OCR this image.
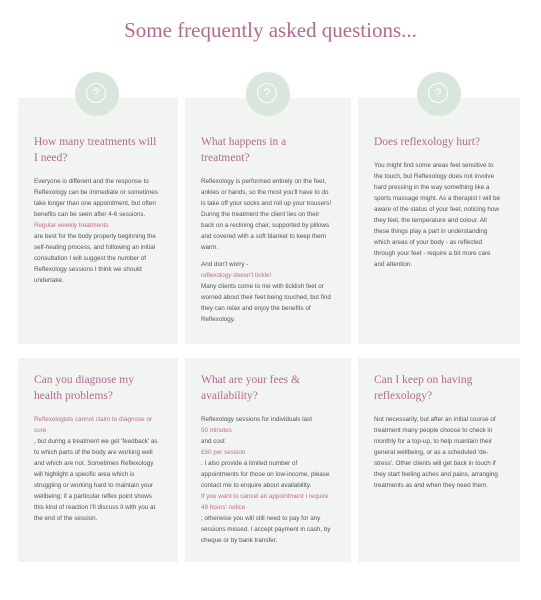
Some frequently asked questions...
How many treatments will I need?

Everyone is different and the response to Reflexology can be immediate or sometimes take longer than one appointment, but often benefits can be seen after 4-6 sessions.

Regular weekly treatments

are best for the body properly beginning the self-healing process, and following an initial consultation I will suggest the number of Reflexology sessions I think we should undertake.

What happens in a treatment?

Reflexology is performed entirely on the feet, ankles or hands, so the most you'll have to do is take off your socks and roll up your trousers! During the treatment the client lies on their back on a reclining chair, supported by pillows and covered with a soft blanket to keep them warm.

And don't worry -

reflexology doesn't tickle!

Many clients come to me with ticklish feet or worried about their feet being touched, but find they can relax and enjoy the benefits of Reflexology.

Does reflexology hurt?

You might find some areas feel sensitive to the touch, but Reflexology does not involve hard pressing in the way something like a sports massage might. As a therapist I will be aware of the status of your feet, noticing how they feel, the temperature and colour. All these things play a part in understanding which areas of your body - as reflected through your feet - require a bit more care and attention.

Can you diagnose my health problems?
Reflexologists cannot claim to diagnose or cure

, but during a treatment we get 'feedback' as to which parts of the body are working well and which are not. Sometimes Reflexology will highlight a specific area which is struggling or working hard to maintain your wellbeing; if a particular reflex point shows this kind of reaction I'll discuss it with you at the end of the session.

What are your fees & availability?

Reflexology sessions for individuals last

50 minutes

and cost

£60 per session

. I also provide a limited number of appointments for those on low-income, please contact me to enquire about availability.

If you want to cancel an appointment I require 48 hours' notice

; otherwise you will still need to pay for any sessions missed. I accept payment in cash, by cheque or by bank transfer.

Can I keep on having reflexology?

Not necessarily, but after an initial course of treatment many people choose to check in monthly for a top-up, to help maintain their general wellbeing, or as a scheduled 'de-stress'. Other clients will get back in touch if they start feeling aches and pains, arranging treatments as and when they need them.

?	?	?
